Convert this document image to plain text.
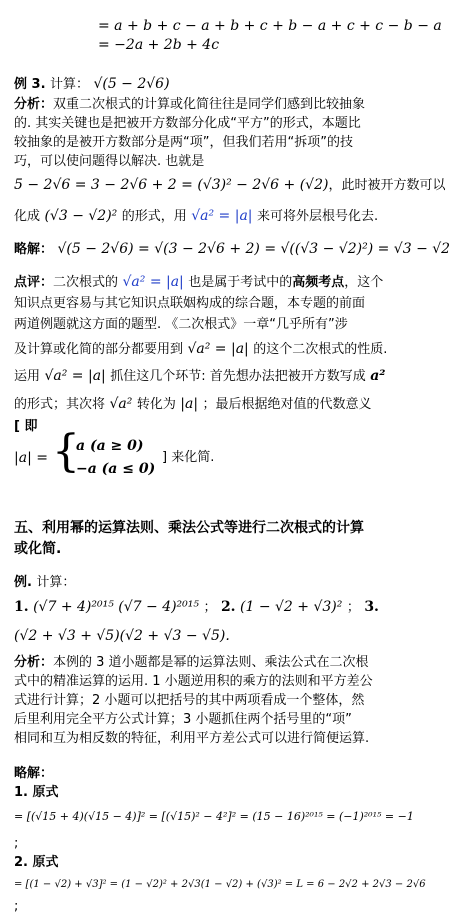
= a + b + c − a + b + c + b − a + c + c − b − a
= −2a + 2b + 4c
例 3. 计算： √(5 − 2√6)
分析：双重二次根式的计算或化简往往是同学们感到比较抽象
的. 其实关键也是把被开方数部分化成“平方”的形式，本题比
较抽象的是被开方数部分是两“项”，但我们若用“拆项”的技
巧，可以使问题得以解决. 也就是
5 − 2√6 = 3 − 2√6 + 2 = (√3)² − 2√6 + (√2)，此时被开方数可以
化成 (√3 − √2)² 的形式，用 √a² = |a| 来可将外层根号化去.
略解： √(5 − 2√6) = √(3 − 2√6 + 2) = √((√3 − √2)²) = √3 − √2
点评：二次根式的 √a² = |a| 也是属于考试中的高频考点，这个
知识点更容易与其它知识点联姻构成的综合题，本专题的前面
两道例题就这方面的题型. 《二次根式》一章“几乎所有”涉
及计算或化简的部分都要用到 √a² = |a| 的这个二次根式的性质.
运用 √a² = |a| 抓住这几个环节: 首先想办法把被开方数写成 a²
的形式；其次将 √a² 转化为 |a| ；最后根据绝对值的代数意义
[ 即
|a| = {
a (a ≥ 0)
−a (a ≤ 0)
] 来化简.
五、利用幂的运算法则、乘法公式等进行二次根式的计算
或化简.
例. 计算：
1. (√7 + 4)²⁰¹⁵ (√7 − 4)²⁰¹⁵ ； 2. (1 − √2 + √3)² ； 3.
(√2 + √3 + √5)(√2 + √3 − √5).
分析：本例的 3 道小题都是幂的运算法则、乘法公式在二次根
式中的精准运算的运用. 1 小题逆用积的乘方的法则和平方差公
式进行计算；2 小题可以把括号的其中两项看成一个整体，然
后里利用完全平方公式计算；3 小题抓住两个括号里的“项”
相同和互为相反数的特征，利用平方差公式可以进行简便运算.
略解：
1. 原式
= [(√15 + 4)(√15 − 4)]² = [(√15)² − 4²]² = (15 − 16)²⁰¹⁵ = (−1)²⁰¹⁵ = −1
;
2. 原式
= [(1 − √2) + √3]² = (1 − √2)² + 2√3(1 − √2) + (√3)² = L = 6 − 2√2 + 2√3 − 2√6
;
